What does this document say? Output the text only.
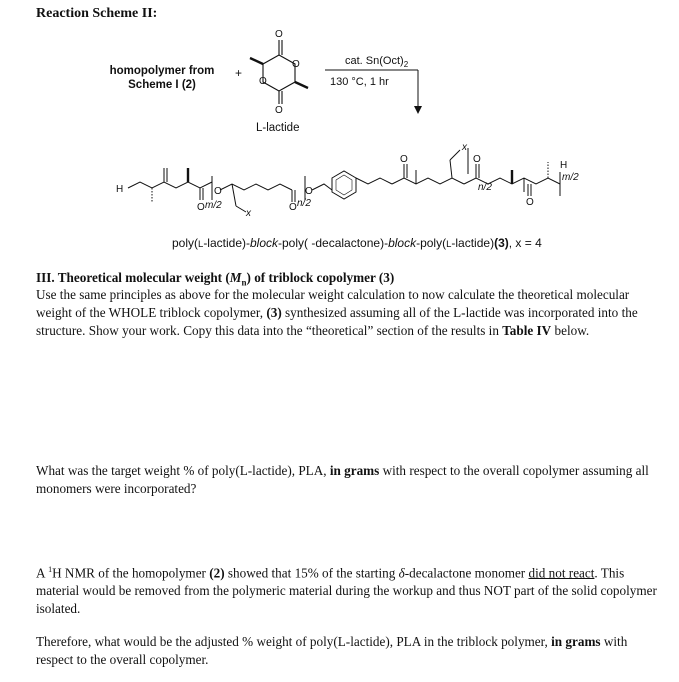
Reaction Scheme II:
O
O
O
O
H
O
O
m/2
x
O
O
n/2
O
x
O
n/2
O
H
m/2
homopolymer from Scheme I (2)
+
cat. $Sn(Oct)_2$
130 °C, 1 hr
L-lactide
poly(L-lactide)-block-poly( -decalactone)-block-poly(L-lactide)(3), x = 4
III. Theoretical molecular weight $(M_n)$ of triblock copolymer (3)
Use the same principles as above for the molecular weight calculation to now calculate the theoretical molecular weight of the WHOLE triblock copolymer, (3) synthesized assuming all of the L-lactide was incorporated into the structure. Show your work. Copy this data into the “theoretical” section of the results in Table IV below.
What was the target weight % of poly(L-lactide), PLA, in grams with respect to the overall copolymer assuming all monomers were incorporated?
A $^1$H NMR of the homopolymer (2) showed that 15% of the starting δ-decalactone monomer did not react. This material would be removed from the polymeric material during the workup and thus NOT part of the solid copolymer isolated.
Therefore, what would be the adjusted % weight of poly(L-lactide), PLA in the triblock polymer, in grams with respect to the overall copolymer.
